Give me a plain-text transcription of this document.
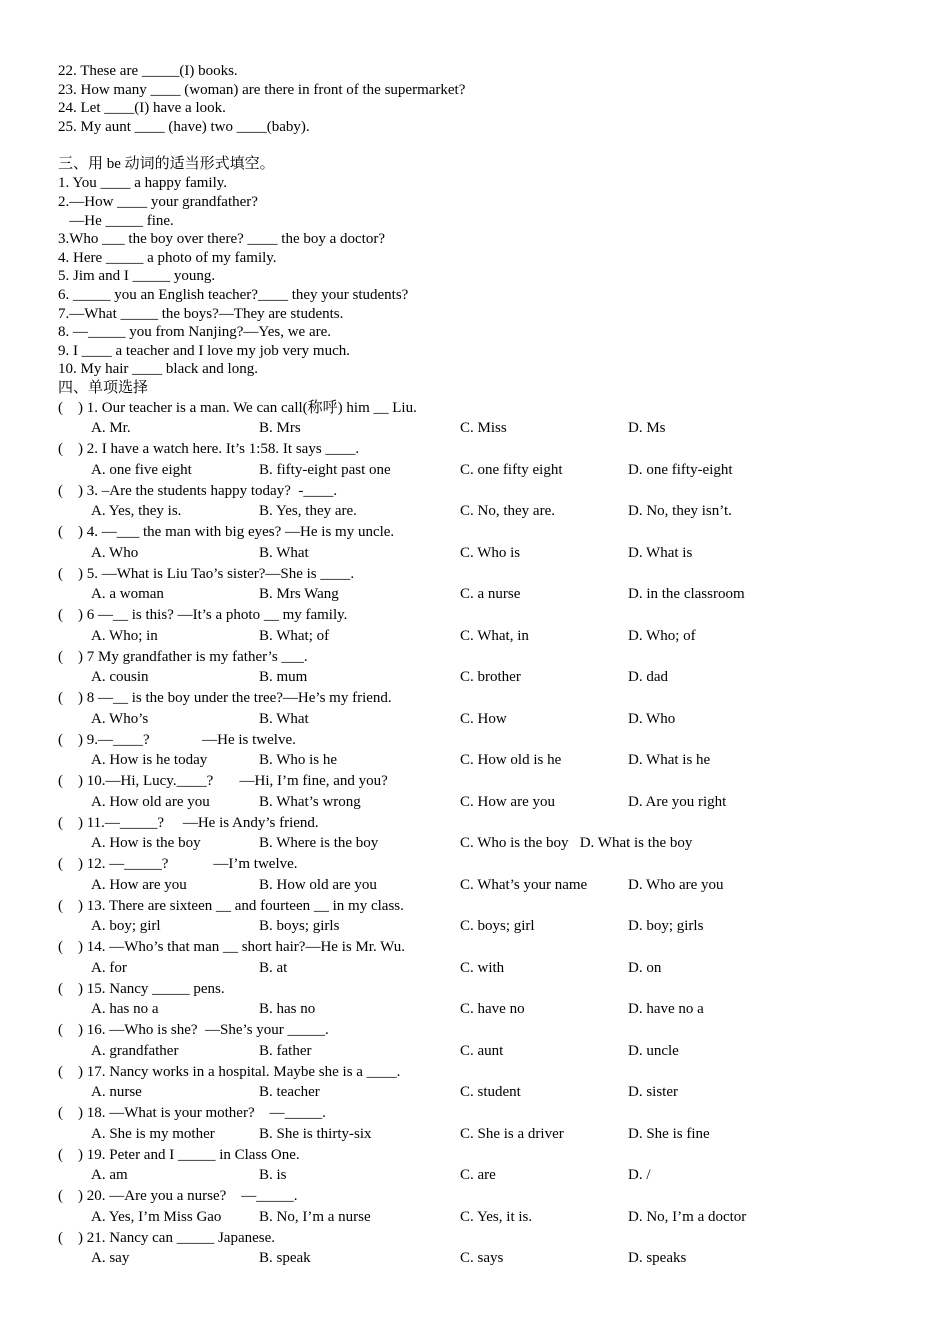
22. These are _____(I) books.
23. How many ____ (woman) are there in front of the supermarket?
24. Let ____(I) have a look.
25. My aunt ____ (have) two ____(baby).
三、用 be 动词的适当形式填空。
1. You ____ a happy family.
2.—How ____ your grandfather?
—He _____ fine.
3.Who ___ the boy over there? ____ the boy a doctor?
4. Here _____ a photo of my family.
5. Jim and I _____ young.
6. _____ you an English teacher?____ they your students?
7.—What _____ the boys?—They are students.
8. —_____ you from Nanjing?—Yes, we are.
9. I ____ a teacher and I love my job very much.
10. My hair ____ black and long.
四、单项选择
(    ) 1. Our teacher is a man. We can call(称呼) him __ Liu.
A. Mr.	B. Mrs	C. Miss	D. Ms
(    ) 2. I have a watch here. It’s 1:58. It says ____.
A. one five eight	B. fifty-eight past one	C. one fifty eight	D. one fifty-eight
(    ) 3. –Are the students happy today?  -____.
A. Yes, they is.	B. Yes, they are.	C. No, they are.	D. No, they isn’t.
(    ) 4. —___ the man with big eyes? —He is my uncle.
A. Who	B. What	C. Who is	D. What is
(    ) 5. —What is Liu Tao’s sister?—She is ____.
A. a woman	B. Mrs Wang	C. a nurse	D. in the classroom
(    ) 6 —__ is this? —It’s a photo __ my family.
A. Who; in	B. What; of	C. What, in	D. Who; of
(    ) 7 My grandfather is my father’s ___.
A. cousin	B. mum	C. brother	D. dad
(    ) 8 —__ is the boy under the tree?—He’s my friend.
A. Who’s	B. What	C. How	D. Who
(    ) 9.—____?              —He is twelve.
A. How is he today	B. Who is he	C. How old is he	D. What is he
(    ) 10.—Hi, Lucy.____?       —Hi, I’m fine, and you?
A. How old are you	B. What’s wrong	C. How are you	D. Are you right
(    ) 11.—_____?     —He is Andy’s friend.
A. How is the boy	B. Where is the boy	C. Who is the boy   D. What is the boy
(    ) 12. —_____?            —I’m twelve.
A. How are you	B. How old are you	C. What’s your name	D. Who are you
(    ) 13. There are sixteen __ and fourteen __ in my class.
A. boy; girl	B. boys; girls	C. boys; girl	D. boy; girls
(    ) 14. —Who’s that man __ short hair?—He is Mr. Wu.
A. for	B. at	C. with	D. on
(    ) 15. Nancy _____ pens.
A. has no a	B. has no	C. have no	D. have no a
(    ) 16. —Who is she?  —She’s your _____.
A. grandfather	B. father	C. aunt	D. uncle
(    ) 17. Nancy works in a hospital. Maybe she is a ____.
A. nurse	B. teacher	C. student	D. sister
(    ) 18. —What is your mother?    —_____.
A. She is my mother	B. She is thirty-six	C. She is a driver	D. She is fine
(    ) 19. Peter and I _____ in Class One.
A. am	B. is	C. are	D. /
(    ) 20. —Are you a nurse?    —_____.
A. Yes, I’m Miss Gao	B. No, I’m a nurse	C. Yes, it is.	D. No, I’m a doctor
(    ) 21. Nancy can _____ Japanese.
A. say	B. speak	C. says	D. speaks
